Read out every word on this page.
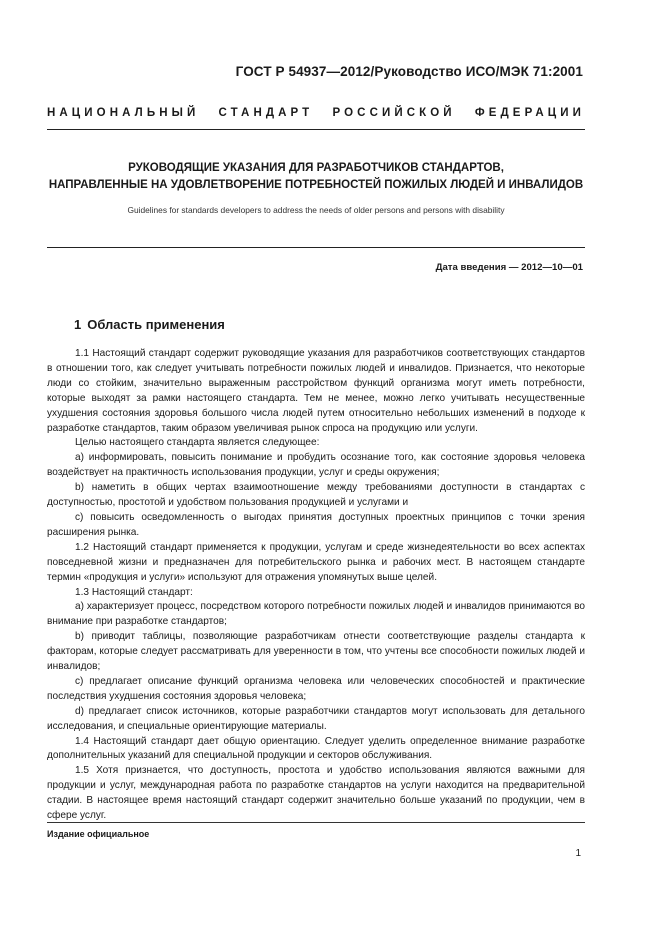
ГОСТ Р 54937—2012/Руководство ИСО/МЭК 71:2001
НАЦИОНАЛЬНЫЙ СТАНДАРТ РОССИЙСКОЙ ФЕДЕРАЦИИ
РУКОВОДЯЩИЕ УКАЗАНИЯ ДЛЯ РАЗРАБОТЧИКОВ СТАНДАРТОВ,
НАПРАВЛЕННЫЕ НА УДОВЛЕТВОРЕНИЕ ПОТРЕБНОСТЕЙ ПОЖИЛЫХ ЛЮДЕЙ И ИНВАЛИДОВ
Guidelines for standards developers to address the needs of older persons and persons with disability
Дата введения — 2012—10—01
1 Область применения

1.1 Настоящий стандарт содержит руководящие указания для разработчиков соответствующих стандартов в отношении того, как следует учитывать потребности пожилых людей и инвалидов. Признается, что некоторые люди со стойким, значительно выраженным расстройством функций организма могут иметь потребности, которые выходят за рамки настоящего стандарта. Тем не менее, можно легко учитывать несущественные ухудшения состояния здоровья большого числа людей путем относительно небольших изменений в подходе к разработке стандартов, таким образом увеличивая рынок спроса на продукцию или услуги.

Целью настоящего стандарта является следующее:

a) информировать, повысить понимание и пробудить осознание того, как состояние здоровья человека воздействует на практичность использования продукции, услуг и среды окружения;

b) наметить в общих чертах взаимоотношение между требованиями доступности в стандартах с доступностью, простотой и удобством пользования продукцией и услугами и

c) повысить осведомленность о выгодах принятия доступных проектных принципов с точки зрения расширения рынка.

1.2 Настоящий стандарт применяется к продукции, услугам и среде жизнедеятельности во всех аспектах повседневной жизни и предназначен для потребительского рынка и рабочих мест. В настоящем стандарте термин «продукция и услуги» используют для отражения упомянутых выше целей.

1.3 Настоящий стандарт:

a) характеризует процесс, посредством которого потребности пожилых людей и инвалидов принимаются во внимание при разработке стандартов;

b) приводит таблицы, позволяющие разработчикам отнести соответствующие разделы стандарта к факторам, которые следует рассматривать для уверенности в том, что учтены все способности пожилых людей и инвалидов;

c) предлагает описание функций организма человека или человеческих способностей и практические последствия ухудшения состояния здоровья человека;

d) предлагает список источников, которые разработчики стандартов могут использовать для детального исследования, и специальные ориентирующие материалы.

1.4 Настоящий стандарт дает общую ориентацию. Следует уделить определенное внимание разработке дополнительных указаний для специальной продукции и секторов обслуживания.

1.5 Хотя признается, что доступность, простота и удобство использования являются важными для продукции и услуг, международная работа по разработке стандартов на услуги находится на предварительной стадии. В настоящее время настоящий стандарт содержит значительно больше указаний по продукции, чем в сфере услуг.

Издание официальное
1
